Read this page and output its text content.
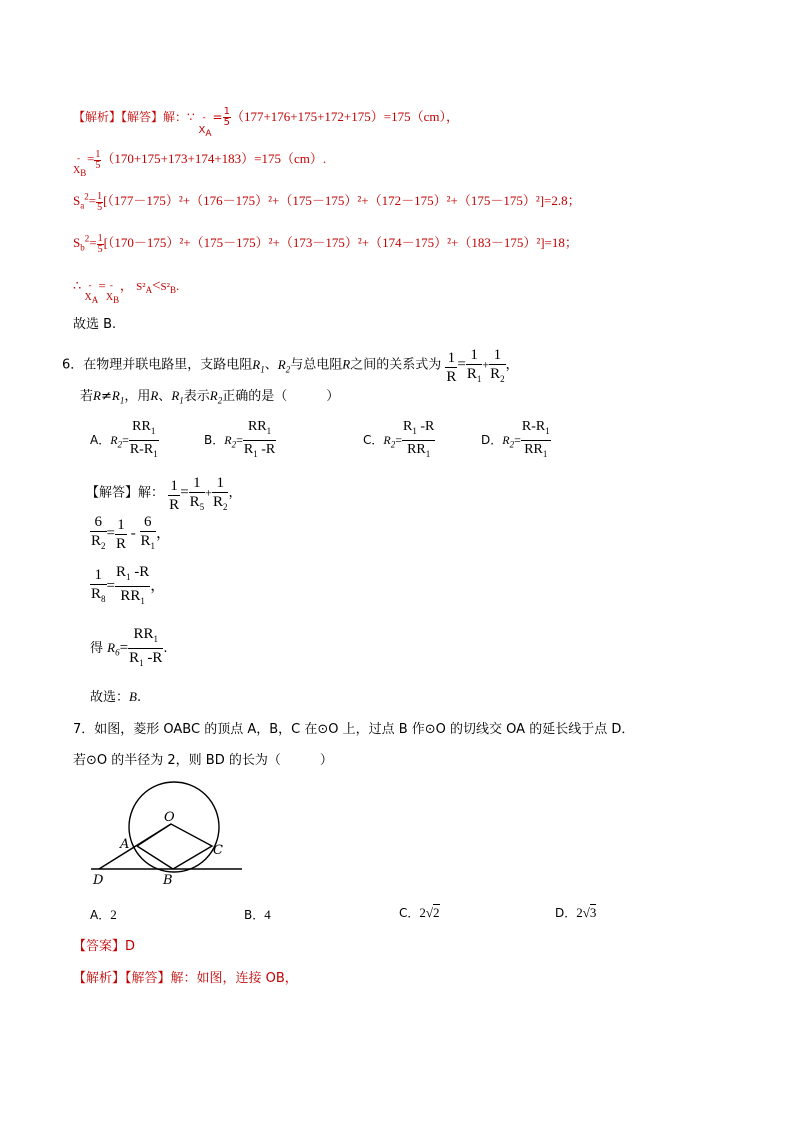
【解析】【解答】解：∵ -
$X_A$
= $\frac{1}{5} (177+176+175+172+175)=175(cm)$，
-
$X_B$
= $\frac{1}{5} (170+175+173+174+183)=175(cm)$.
$S_a^2= \frac{1}{5} [(177-175)^2+(176-175)^2+(175-175)^2+(172-175)^2+(175-175)^2]=2.8$；
$S_b^2= \frac{1}{5} [(170-175)^2+(175-175)^2+(173-175)^2+(174-175)^2+(183-175)^2]=18$；
∴ -
$X_A$
= -
$X_B$
， $S^2_A<S^2_B$.
故选 B.
6．在物理并联电路里，支路电阻$R_1$、$R_2$与总电阻R之间的关系式为 $\frac{1}{R} = \frac{1}{R_1} + \frac{1}{R_2}$ ，
若$R\ne R_1$，用R、$R_1$表示$R_2$正确的是（　　　）
A．$R_2= \frac{RR_1}{R-R_1}$	B．$R_2= \frac{RR_1}{R_1 -R}$	C．$R_2= \frac{R_1 -R}{RR_1}$	D．$R_2= \frac{R-R_1}{RR_1}$
【解答】解： $\frac{1}{R} = \frac{1}{R_5} + \frac{1}{R_2}$ ，
$\frac{6}{R_2} = \frac{1}{R} - \frac{6}{R_1}$ ，
$\frac{1}{R_8} = \frac{R_1 -R}{RR_1}$ ，
得 $R_6= \frac{RR_1}{R_1 -R}$ .
故选：B.
7．如图，菱形 OABC 的顶点 A，B，C 在⊙O 上，过点 B 作⊙O 的切线交 OA 的延长线于点 D．
若⊙O 的半径为 2，则 BD 的长为（　　　）
O
A	C
D	B
A．2	B．4	C．2√2	D．2√3
【答案】D
【解析】【解答】解：如图，连接 OB，
